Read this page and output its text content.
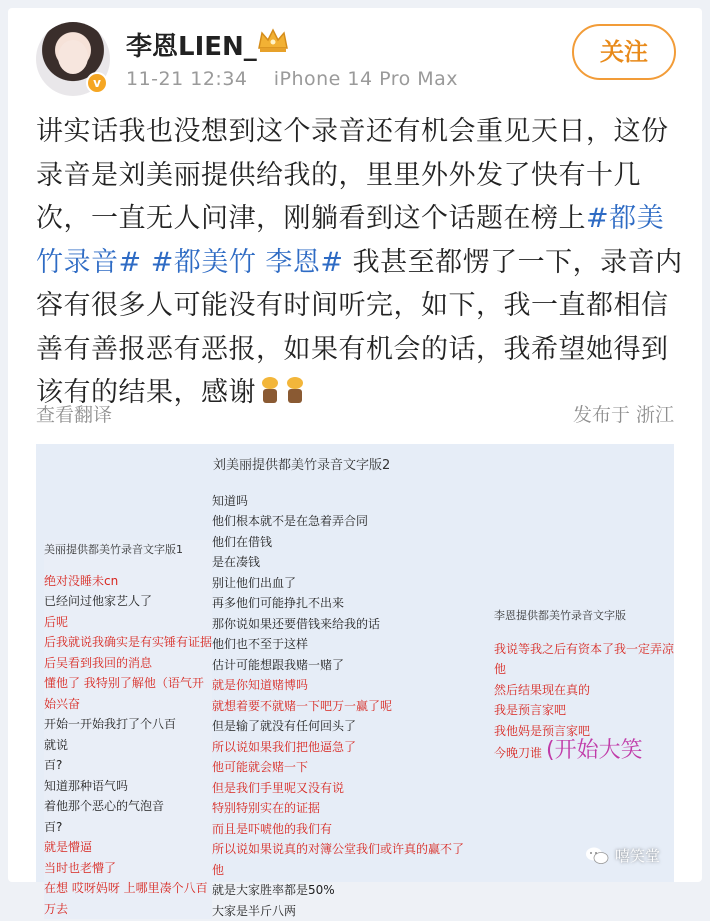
v
李恩LIEN_
11-21 12:34 iPhone 14 Pro Max
关注
讲实话我也没想到这个录音还有机会重见天日，这份录音是刘美丽提供给我的，里里外外发了快有十几次，一直无人问津，刚躺看到这个话题在榜上#都美竹录音# #都美竹 李恩# 我甚至都愣了一下，录音内容有很多人可能没有时间听完，如下，我一直都相信善有善报恶有恶报，如果有机会的话，我希望她得到该有的结果，感谢
查看翻译	发布于 浙江
美丽提供都美竹录音文字版1
绝对没睡未cn
已经问过他家艺人了
后呢
后我就说我确实是有实锤有证据
后吴看到我回的消息
懂他了 我特别了解他（语气开始兴奋
开始一开始我打了个八百
就说
百?
知道那种语气吗
着他那个恶心的气泡音
百?
就是懵逼
当时也老懵了
在想 哎呀妈呀 上哪里凑个八百万去
刘美丽提供都美竹录音文字版2
知道吗
他们根本就不是在急着弄合同
他们在借钱
是在凑钱
别让他们出血了
再多他们可能挣扎不出来
那你说如果还要借钱来给我的话
他们也不至于这样
估计可能想跟我赌一赌了
就是你知道赌博吗
就想着要不就赌一下吧万一赢了呢
但是输了就没有任何回头了
所以说如果我们把他逼急了
他可能就会赌一下
但是我们手里呢又没有说
特别特别实在的证据
而且是吓唬他的我们有
所以说如果说真的对簿公堂我们或许真的赢不了
他
就是大家胜率都是50%
大家是半斤八两
李恩提供都美竹录音文字版
我说等我之后有资本了我一定弄凉他
然后结果现在真的
我是预言家吧
我他妈是预言家吧
今晚刀谁 (开始大笑
嘻笑堂
